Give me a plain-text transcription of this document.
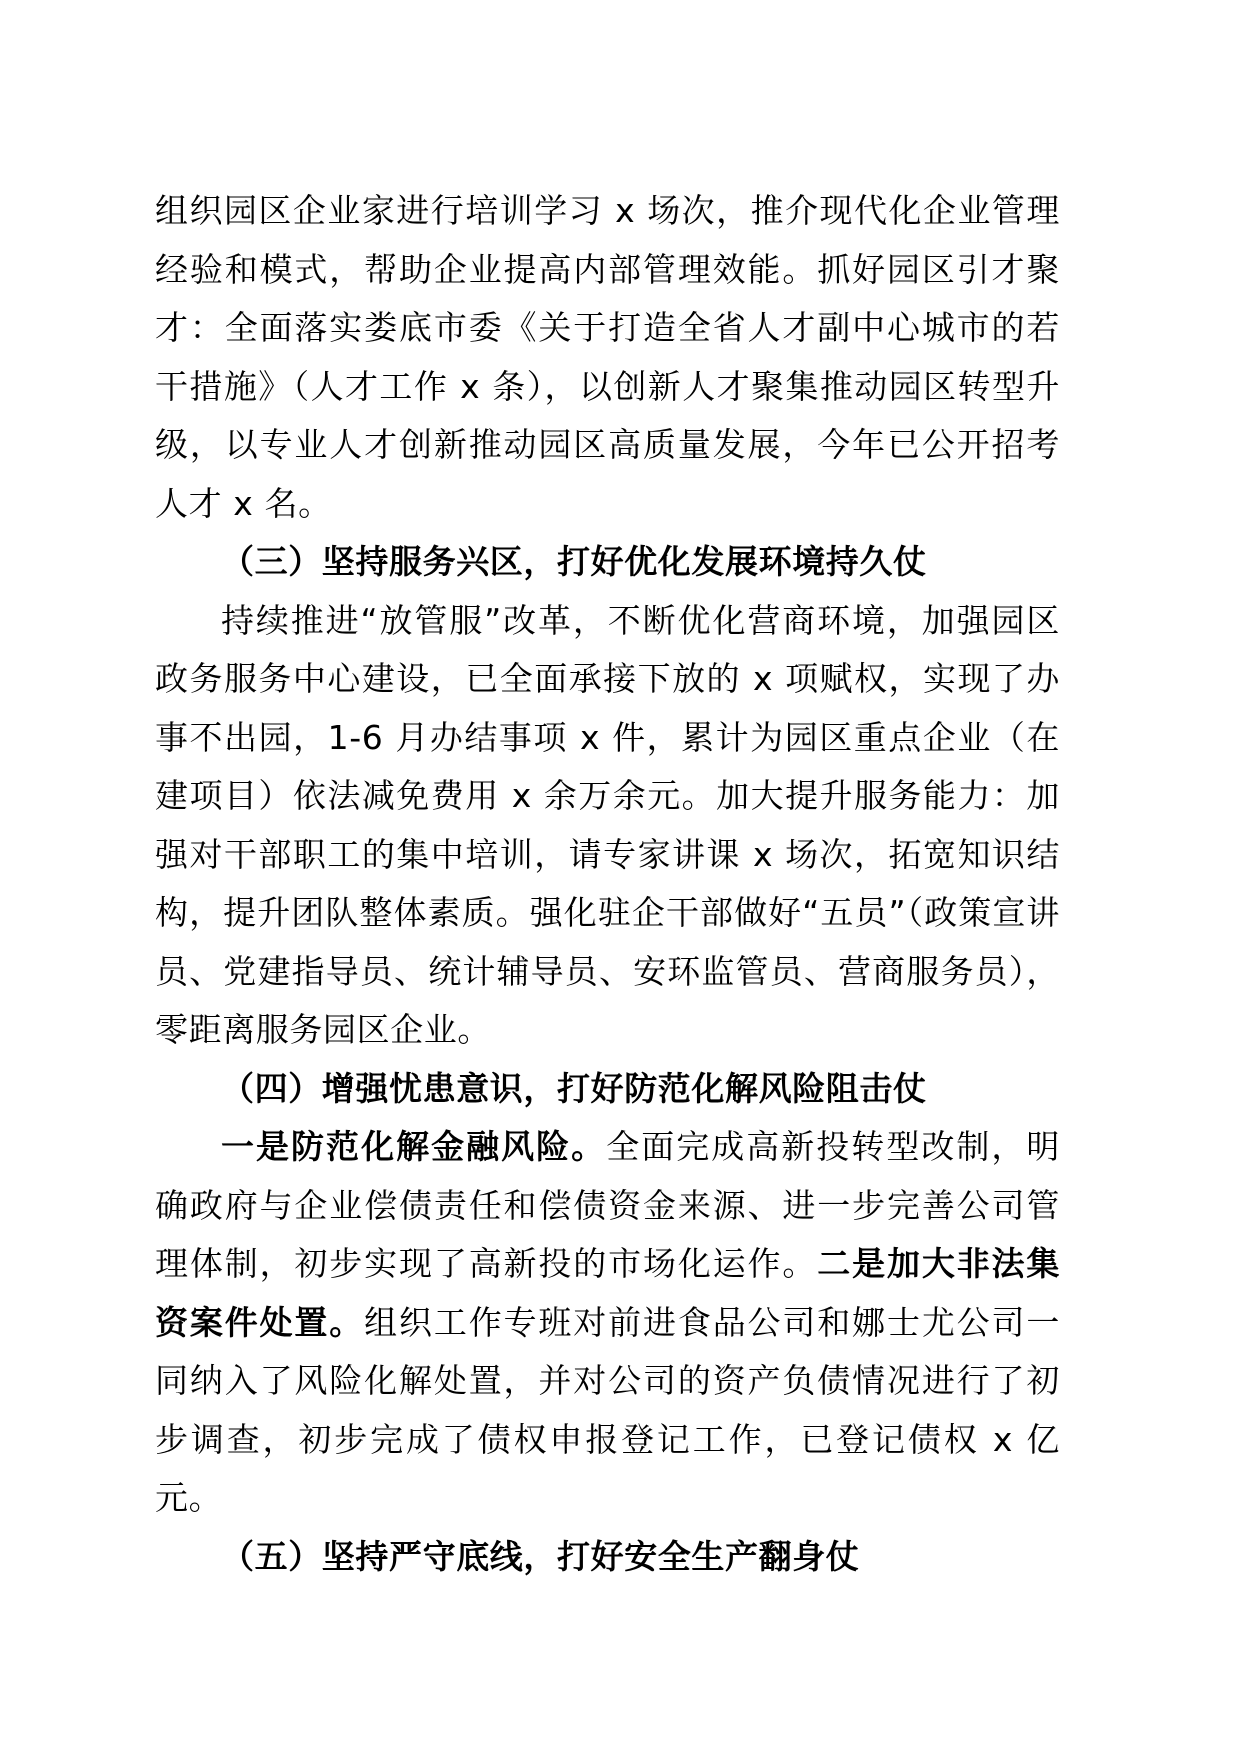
组织园区企业家进行培训学习 x 场次，推介现代化企业管理经验和模式，帮助企业提高内部管理效能。抓好园区引才聚才：全面落实娄底市委《关于打造全省人才副中心城市的若干措施》（人才工作 x 条），以创新人才聚集推动园区转型升级，以专业人才创新推动园区高质量发展，今年已公开招考人才 x 名。

（三）坚持服务兴区，打好优化发展环境持久仗

持续推进“放管服”改革，不断优化营商环境，加强园区政务服务中心建设，已全面承接下放的 x 项赋权，实现了办事不出园，1-6 月办结事项 x 件，累计为园区重点企业（在建项目）依法减免费用 x 余万余元。加大提升服务能力：加强对干部职工的集中培训，请专家讲课 x 场次，拓宽知识结构，提升团队整体素质。强化驻企干部做好“五员”（政策宣讲员、党建指导员、统计辅导员、安环监管员、营商服务员），零距离服务园区企业。

（四）增强忧患意识，打好防范化解风险阻击仗

一是防范化解金融风险。全面完成高新投转型改制，明确政府与企业偿债责任和偿债资金来源、进一步完善公司管理体制，初步实现了高新投的市场化运作。二是加大非法集资案件处置。组织工作专班对前进食品公司和娜士尤公司一同纳入了风险化解处置，并对公司的资产负债情况进行了初步调查，初步完成了债权申报登记工作，已登记债权 x 亿元。

（五）坚持严守底线，打好安全生产翻身仗
